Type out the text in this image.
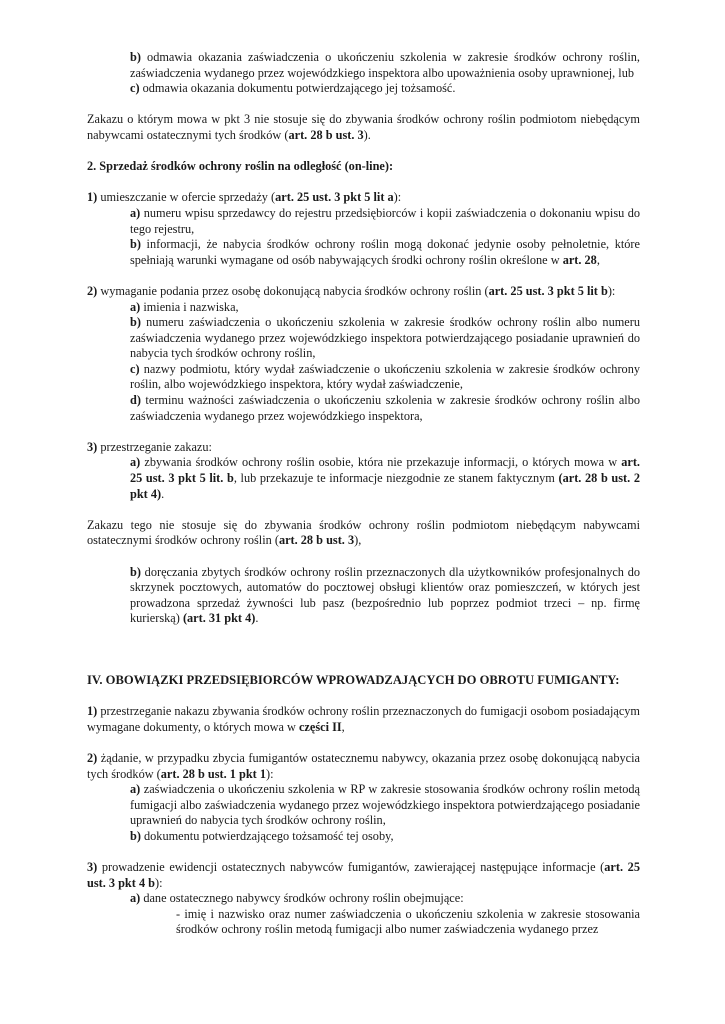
b) odmawia okazania zaświadczenia o ukończeniu szkolenia w zakresie środków ochrony roślin, zaświadczenia wydanego przez wojewódzkiego inspektora albo upoważnienia osoby uprawnionej, lub

c) odmawia okazania dokumentu potwierdzającego jej tożsamość.

Zakazu o którym mowa w pkt 3 nie stosuje się do zbywania środków ochrony roślin podmiotom niebędącym nabywcami ostatecznymi tych środków (art. 28 b ust. 3).

2. Sprzedaż środków ochrony roślin na odległość (on-line):

1) umieszczanie w ofercie sprzedaży (art. 25 ust. 3 pkt 5 lit a):

a) numeru wpisu sprzedawcy do rejestru przedsiębiorców i kopii zaświadczenia o dokonaniu wpisu do tego rejestru,

b) informacji, że nabycia środków ochrony roślin mogą dokonać jedynie osoby pełnoletnie, które spełniają warunki wymagane od osób nabywających środki ochrony roślin określone w art. 28,

2) wymaganie podania przez osobę dokonującą nabycia środków ochrony roślin (art. 25 ust. 3 pkt 5 lit b):

a) imienia i nazwiska,

b) numeru zaświadczenia o ukończeniu szkolenia w zakresie środków ochrony roślin albo numeru zaświadczenia wydanego przez wojewódzkiego inspektora potwierdzającego posiadanie uprawnień do nabycia tych środków ochrony roślin,

c) nazwy podmiotu, który wydał zaświadczenie o ukończeniu szkolenia w zakresie środków ochrony roślin, albo wojewódzkiego inspektora, który wydał zaświadczenie,

d) terminu ważności zaświadczenia o ukończeniu szkolenia w zakresie środków ochrony roślin albo zaświadczenia wydanego przez wojewódzkiego inspektora,

3) przestrzeganie zakazu:

a) zbywania środków ochrony roślin osobie, która nie przekazuje informacji, o których mowa w art. 25 ust. 3 pkt 5 lit. b, lub przekazuje te informacje niezgodnie ze stanem faktycznym (art. 28 b ust. 2 pkt 4).

Zakazu tego nie stosuje się do zbywania środków ochrony roślin podmiotom niebędącym nabywcami ostatecznymi środków ochrony roślin (art. 28 b ust. 3),

b) doręczania zbytych środków ochrony roślin przeznaczonych dla użytkowników profesjonalnych do skrzynek pocztowych, automatów do pocztowej obsługi klientów oraz pomieszczeń, w których jest prowadzona sprzedaż żywności lub pasz (bezpośrednio lub poprzez podmiot trzeci – np. firmę kurierską) (art. 31 pkt 4).

IV. OBOWIĄZKI PRZEDSIĘBIORCÓW WPROWADZAJĄCYCH DO OBROTU FUMIGANTY:

1) przestrzeganie nakazu zbywania środków ochrony roślin przeznaczonych do fumigacji osobom posiadającym wymagane dokumenty, o których mowa w części II,

2) żądanie, w przypadku zbycia fumigantów ostatecznemu nabywcy, okazania przez osobę dokonującą nabycia tych środków (art. 28 b ust. 1 pkt 1):

a) zaświadczenia o ukończeniu szkolenia w RP w zakresie stosowania środków ochrony roślin metodą fumigacji albo zaświadczenia wydanego przez wojewódzkiego inspektora potwierdzającego posiadanie uprawnień do nabycia tych środków ochrony roślin,

b) dokumentu potwierdzającego tożsamość tej osoby,

3) prowadzenie ewidencji ostatecznych nabywców fumigantów, zawierającej następujące informacje (art. 25 ust. 3 pkt 4 b):

a) dane ostatecznego nabywcy środków ochrony roślin obejmujące:

- imię i nazwisko oraz numer zaświadczenia o ukończeniu szkolenia w zakresie stosowania środków ochrony roślin metodą fumigacji albo numer zaświadczenia wydanego przez
